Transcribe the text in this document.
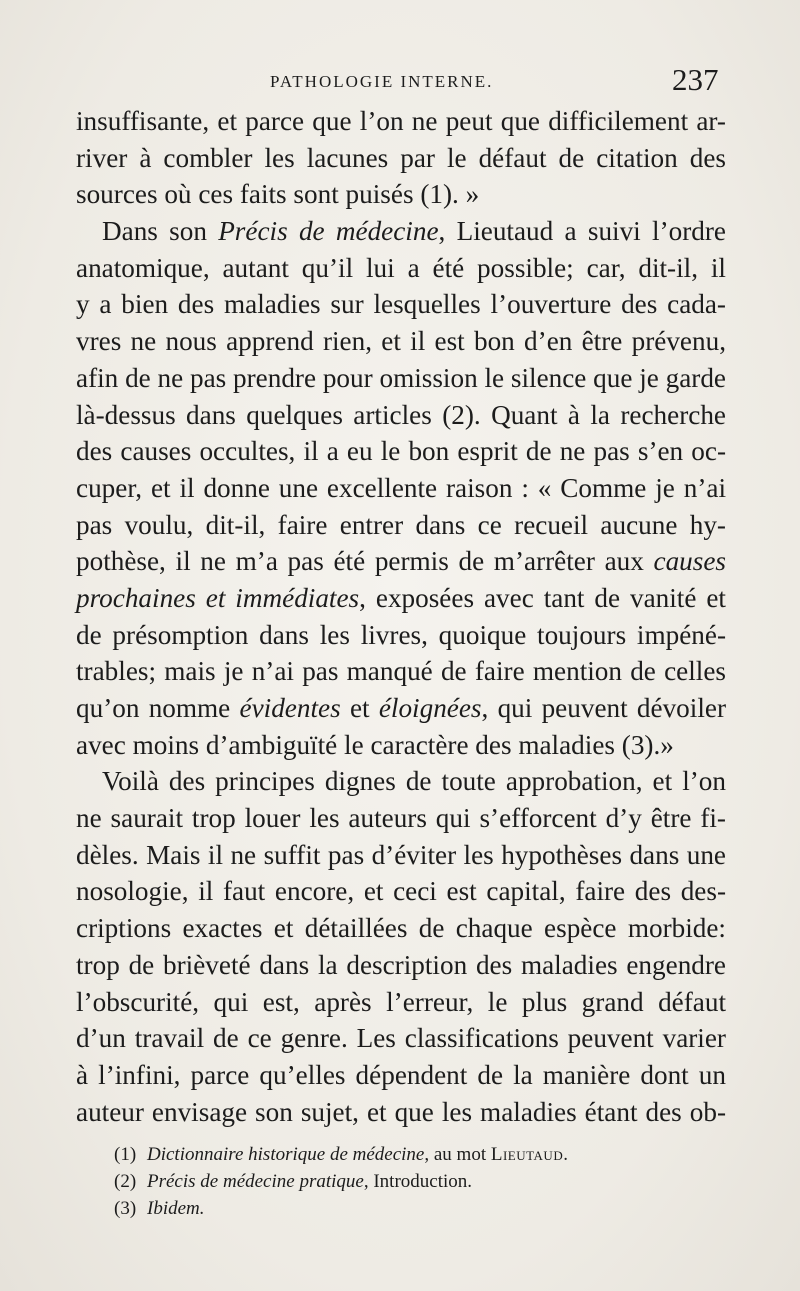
PATHOLOGIE INTERNE.	237
insuffisante, et parce que l’on ne peut que difficilement ar-
river à combler les lacunes par le défaut de citation des
sources où ces faits sont puisés (1). »
Dans son Précis de médecine, Lieutaud a suivi l’ordre
anatomique, autant qu’il lui a été possible; car, dit-il, il
y a bien des maladies sur lesquelles l’ouverture des cada-
vres ne nous apprend rien, et il est bon d’en être prévenu,
afin de ne pas prendre pour omission le silence que je garde
là-dessus dans quelques articles (2). Quant à la recherche
des causes occultes, il a eu le bon esprit de ne pas s’en oc-
cuper, et il donne une excellente raison : « Comme je n’ai
pas voulu, dit-il, faire entrer dans ce recueil aucune hy-
pothèse, il ne m’a pas été permis de m’arrêter aux causes
prochaines et immédiates, exposées avec tant de vanité et
de présomption dans les livres, quoique toujours impéné-
trables; mais je n’ai pas manqué de faire mention de celles
qu’on nomme évidentes et éloignées, qui peuvent dévoiler
avec moins d’ambiguïté le caractère des maladies (3).»
Voilà des principes dignes de toute approbation, et l’on
ne saurait trop louer les auteurs qui s’efforcent d’y être fi-
dèles. Mais il ne suffit pas d’éviter les hypothèses dans une
nosologie, il faut encore, et ceci est capital, faire des des-
criptions exactes et détaillées de chaque espèce morbide:
trop de brièveté dans la description des maladies engendre
l’obscurité, qui est, après l’erreur, le plus grand défaut
d’un travail de ce genre. Les classifications peuvent varier
à l’infini, parce qu’elles dépendent de la manière dont un
auteur envisage son sujet, et que les maladies étant des ob-
(1) Dictionnaire historique de médecine, au mot Lieutaud.
(2) Précis de médecine pratique, Introduction.
(3) Ibidem.
